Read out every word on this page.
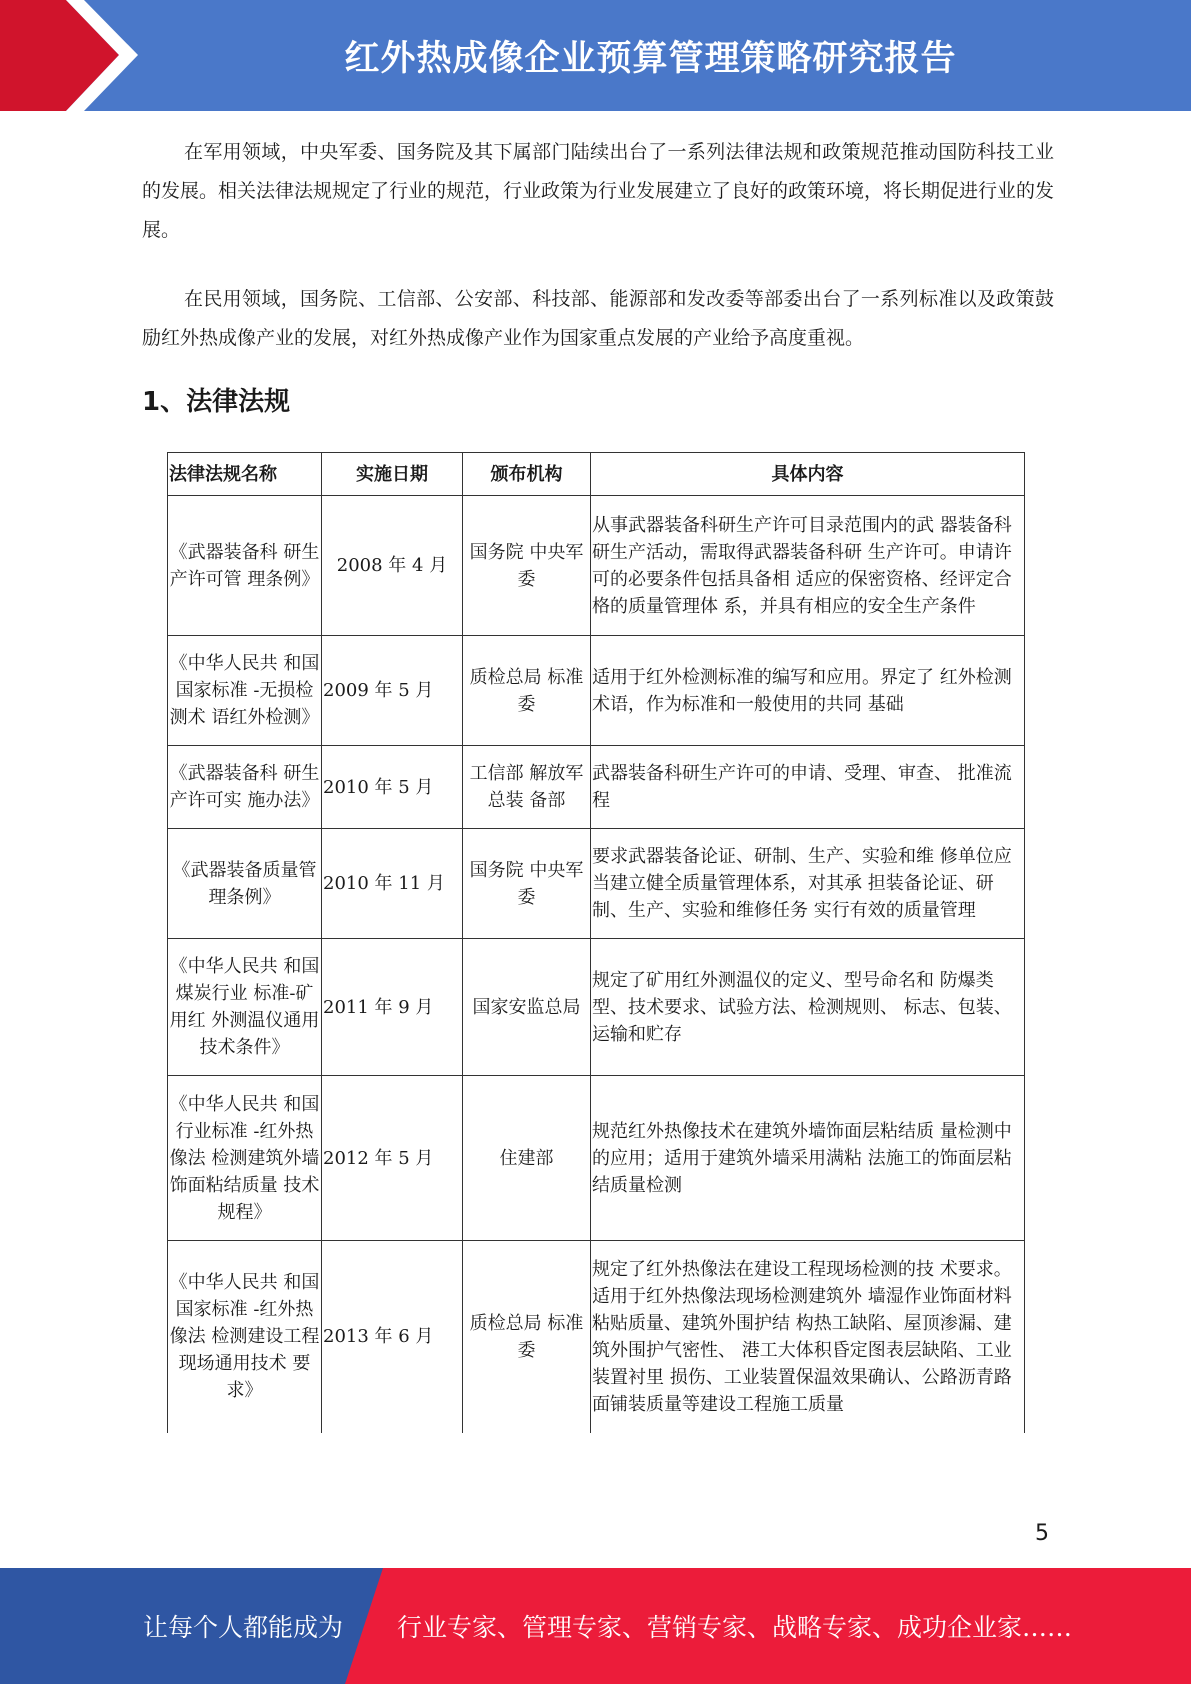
红外热成像企业预算管理策略研究报告

在军用领域，中央军委、国务院及其下属部门陆续出台了一系列法律法规和政策规范推动国防科技工业的发展。相关法律法规规定了行业的规范，行业政策为行业发展建立了良好的政策环境，将长期促进行业的发展。

在民用领域，国务院、工信部、公安部、科技部、能源部和发改委等部委出台了一系列标准以及政策鼓励红外热成像产业的发展，对红外热成像产业作为国家重点发展的产业给予高度重视。

1、法律法规
法律法规名称	实施日期	颁布机构	具体内容
《武器装备科 研生产许可管 理条例》	2008 年 4 月	国务院 中央军委	从事武器装备科研生产许可目录范围内的武 器装备科研生产活动，需取得武器装备科研 生产许可。申请许可的必要条件包括具备相 适应的保密资格、经评定合格的质量管理体 系，并具有相应的安全生产条件
《中华人民共 和国国家标准 -无损检测术 语红外检测》	2009 年 5 月	质检总局 标准委	适用于红外检测标准的编写和应用。界定了 红外检测术语，作为标准和一般使用的共同 基础
《武器装备科 研生产许可实 施办法》	2010 年 5 月	工信部 解放军总装 备部	武器装备科研生产许可的申请、受理、审查、 批准流程
《武器装备质量管理条例》	2010 年 11 月	国务院 中央军委	要求武器装备论证、研制、生产、实验和维 修单位应当建立健全质量管理体系，对其承 担装备论证、研制、生产、实验和维修任务 实行有效的质量管理
《中华人民共 和国煤炭行业 标准-矿用红 外测温仪通用 技术条件》	2011 年 9 月	国家安监总局	规定了矿用红外测温仪的定义、型号命名和 防爆类型、技术要求、试验方法、检测规则、 标志、包装、运输和贮存
《中华人民共 和国行业标准 -红外热像法 检测建筑外墙 饰面粘结质量 技术规程》	2012 年 5 月	住建部	规范红外热像技术在建筑外墙饰面层粘结质 量检测中的应用；适用于建筑外墙采用满粘 法施工的饰面层粘结质量检测
《中华人民共 和国国家标准 -红外热像法 检测建设工程 现场通用技术 要求》	2013 年 6 月	质检总局 标准委	规定了红外热像法在建设工程现场检测的技 术要求。适用于红外热像法现场检测建筑外 墙湿作业饰面材料粘贴质量、建筑外围护结 构热工缺陷、屋顶渗漏、建筑外围护气密性、 港工大体积昏定图表层缺陷、工业装置衬里 损伤、工业装置保温效果确认、公路沥青路 面铺装质量等建设工程施工质量
5
让每个人都能成为 行业专家、管理专家、营销专家、战略专家、成功企业家……
